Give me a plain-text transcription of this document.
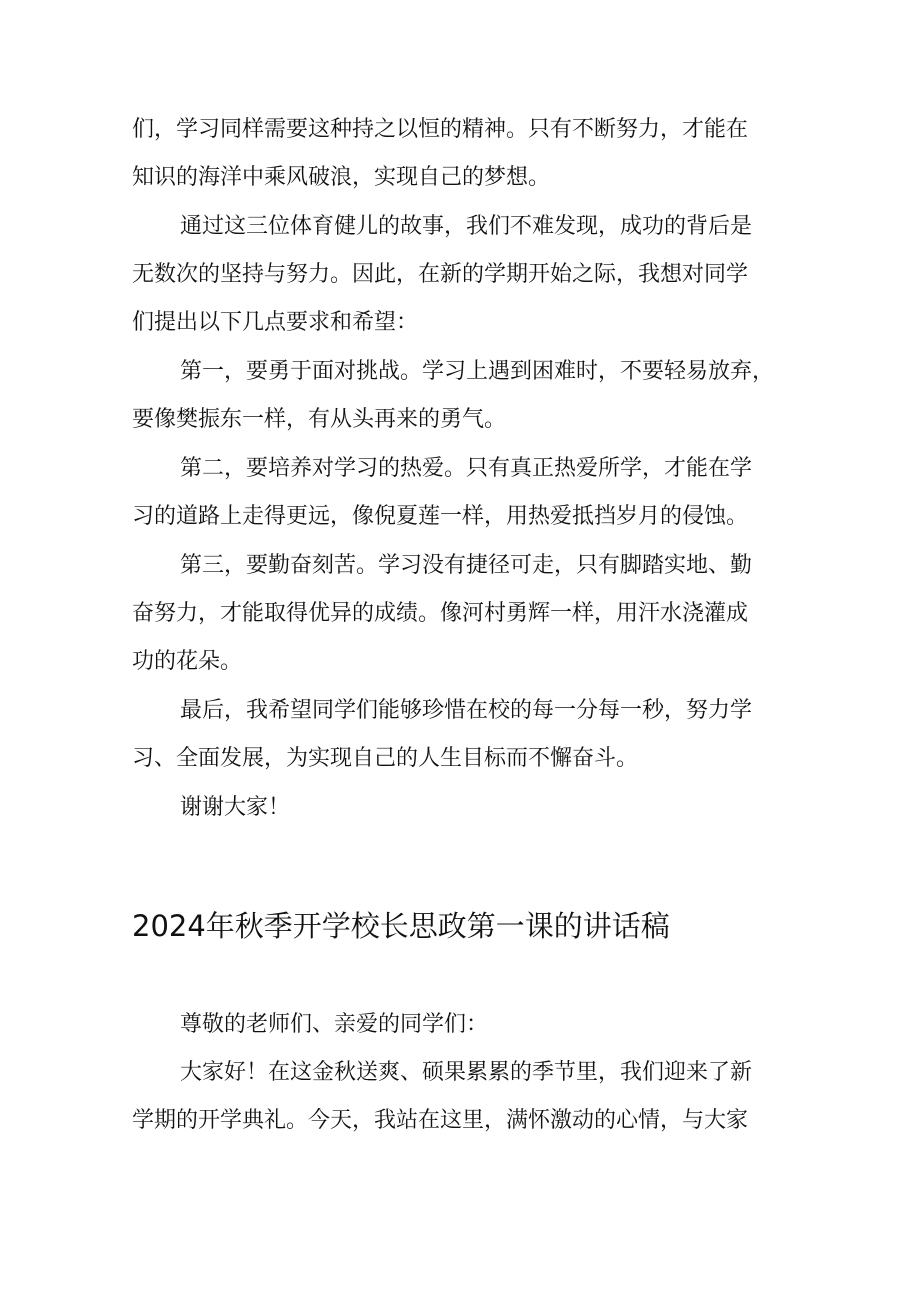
们，学习同样需要这种持之以恒的精神。只有不断努力，才能在
知识的海洋中乘风破浪，实现自己的梦想。
通过这三位体育健儿的故事，我们不难发现，成功的背后是
无数次的坚持与努力。因此，在新的学期开始之际，我想对同学
们提出以下几点要求和希望：
第一，要勇于面对挑战。学习上遇到困难时，不要轻易放弃，
要像樊振东一样，有从头再来的勇气。
第二，要培养对学习的热爱。只有真正热爱所学，才能在学
习的道路上走得更远，像倪夏莲一样，用热爱抵挡岁月的侵蚀。
第三，要勤奋刻苦。学习没有捷径可走，只有脚踏实地、勤
奋努力，才能取得优异的成绩。像河村勇辉一样，用汗水浇灌成
功的花朵。
最后，我希望同学们能够珍惜在校的每一分每一秒，努力学
习、全面发展，为实现自己的人生目标而不懈奋斗。
谢谢大家！
2024年秋季开学校长思政第一课的讲话稿
尊敬的老师们、亲爱的同学们：
大家好！在这金秋送爽、硕果累累的季节里，我们迎来了新
学期的开学典礼。今天，我站在这里，满怀激动的心情，与大家
